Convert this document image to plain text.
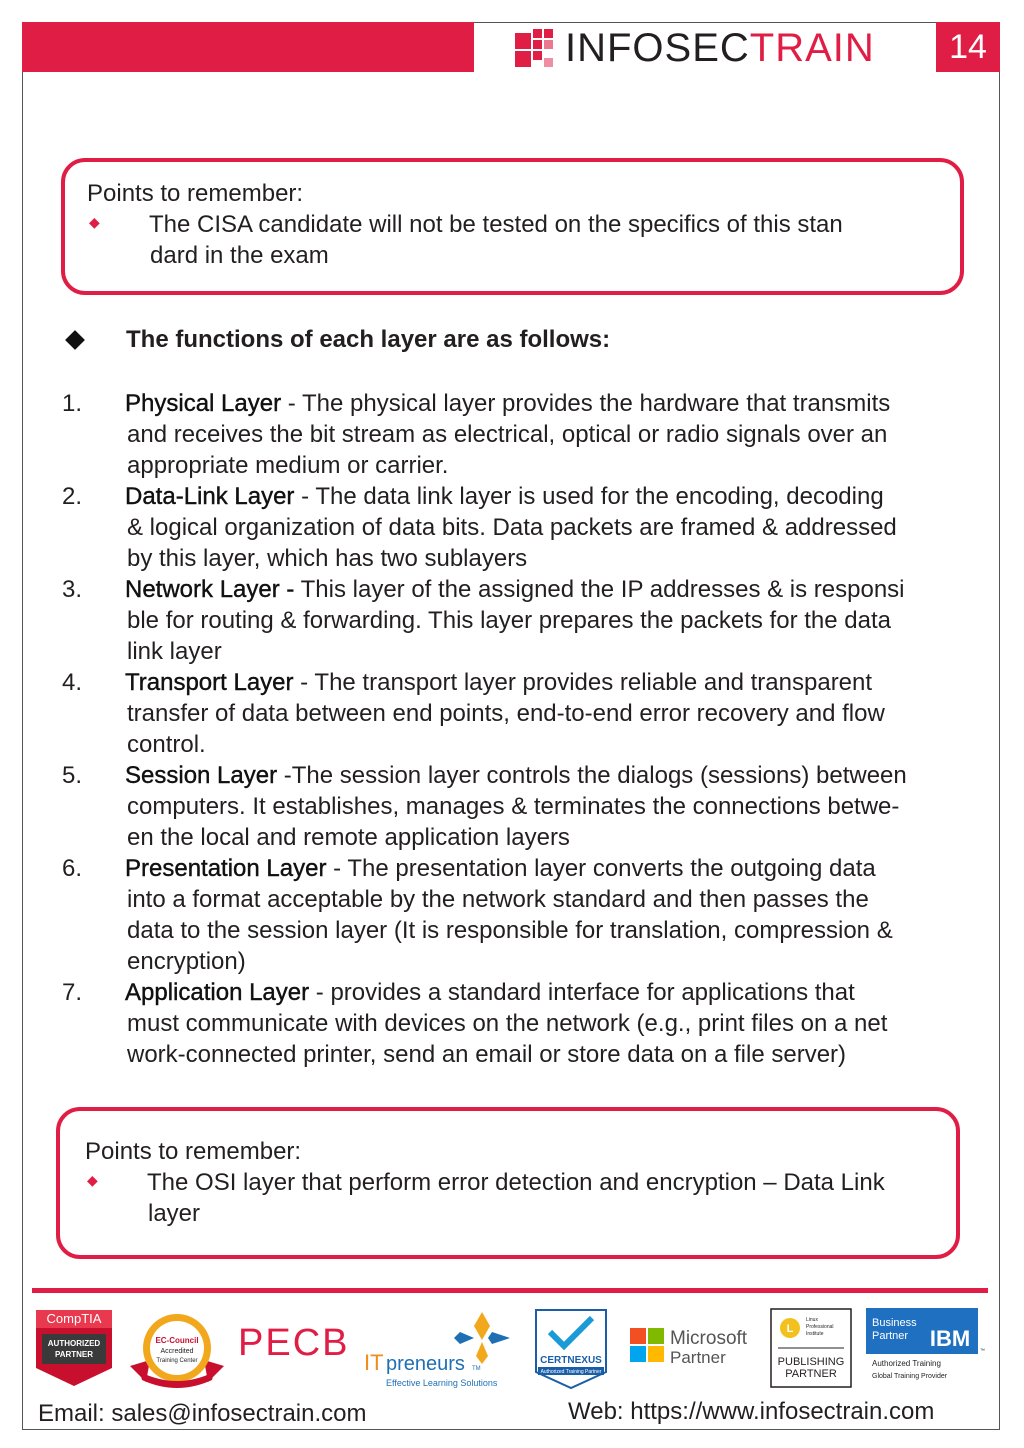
INFOSECTRAIN	14
Points to remember:
◆ The CISA candidate will not be tested on the specifics of this stan
dard in the exam
The functions of each layer are as follows:
1. Physical Layer - The physical layer provides the hardware that transmits
and receives the bit stream as electrical, optical or radio signals over an
appropriate medium or carrier.
2. Data-Link Layer - The data link layer is used for the encoding, decoding
& logical organization of data bits. Data packets are framed & addressed
by this layer, which has two sublayers
3. Network Layer - This layer of the assigned the IP addresses & is responsi
ble for routing & forwarding. This layer prepares the packets for the data
link layer
4. Transport Layer - The transport layer provides reliable and transparent
transfer of data between end points, end-to-end error recovery and flow
control.
5. Session Layer -The session layer controls the dialogs (sessions) between
computers. It establishes, manages & terminates the connections betwe-
en the local and remote application layers
6. Presentation Layer - The presentation layer converts the outgoing data
into a format acceptable by the network standard and then passes the
data to the session layer (It is responsible for translation, compression &
encryption)
7. Application Layer - provides a standard interface for applications that
must communicate with devices on the network (e.g., print files on a net
work-connected printer, send an email or store data on a file server)
Points to remember:
◆ The OSI layer that perform error detection and encryption – Data Link
layer
CompTIA
AUTHORIZED
PARTNER
EC-Council
Accredited
Training Center PECB IT preneurs TM
Effective Learning Solutions
CERTNEXUS
Authorized Training Partner
Microsoft
Partner
L
Linux
Professional
Institute
PUBLISHING
PARTNER
Business
Partner IBM ™
Authorized Training
Global Training Provider
Email: sales@infosectrain.com	Web: https://www.infosectrain.com
